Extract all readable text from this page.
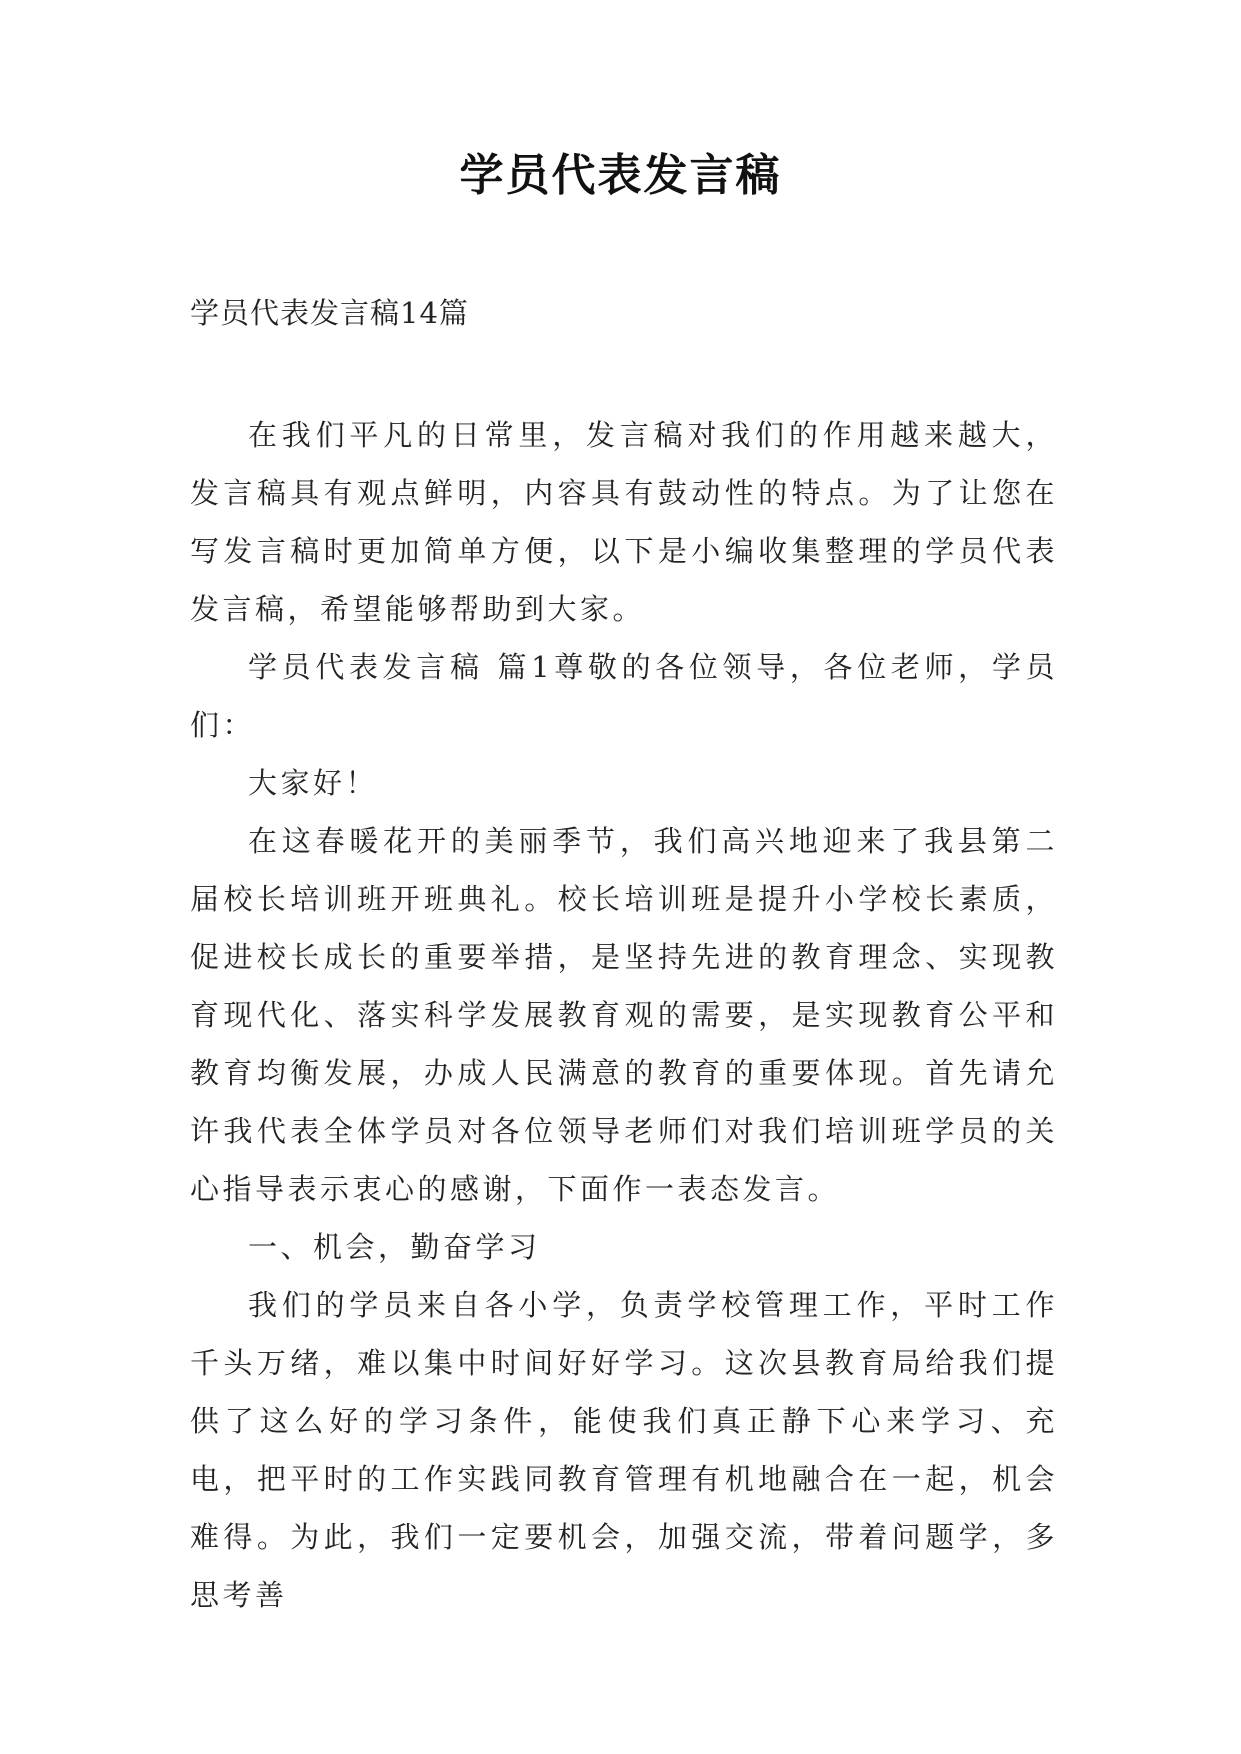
学员代表发言稿
学员代表发言稿14篇

在我们平凡的日常里，发言稿对我们的作用越来越大，发言稿具有观点鲜明，内容具有鼓动性的特点。为了让您在写发言稿时更加简单方便，以下是小编收集整理的学员代表发言稿，希望能够帮助到大家。

学员代表发言稿 篇1尊敬的各位领导，各位老师，学员们：

大家好！

在这春暖花开的美丽季节，我们高兴地迎来了我县第二届校长培训班开班典礼。校长培训班是提升小学校长素质，促进校长成长的重要举措，是坚持先进的教育理念、实现教育现代化、落实科学发展教育观的需要，是实现教育公平和教育均衡发展，办成人民满意的教育的重要体现。首先请允许我代表全体学员对各位领导老师们对我们培训班学员的关心指导表示衷心的感谢，下面作一表态发言。

一、机会，勤奋学习

我们的学员来自各小学，负责学校管理工作，平时工作千头万绪，难以集中时间好好学习。这次县教育局给我们提供了这么好的学习条件，能使我们真正静下心来学习、充电，把平时的工作实践同教育管理有机地融合在一起，机会难得。为此，我们一定要机会，加强交流，带着问题学，多思考善
